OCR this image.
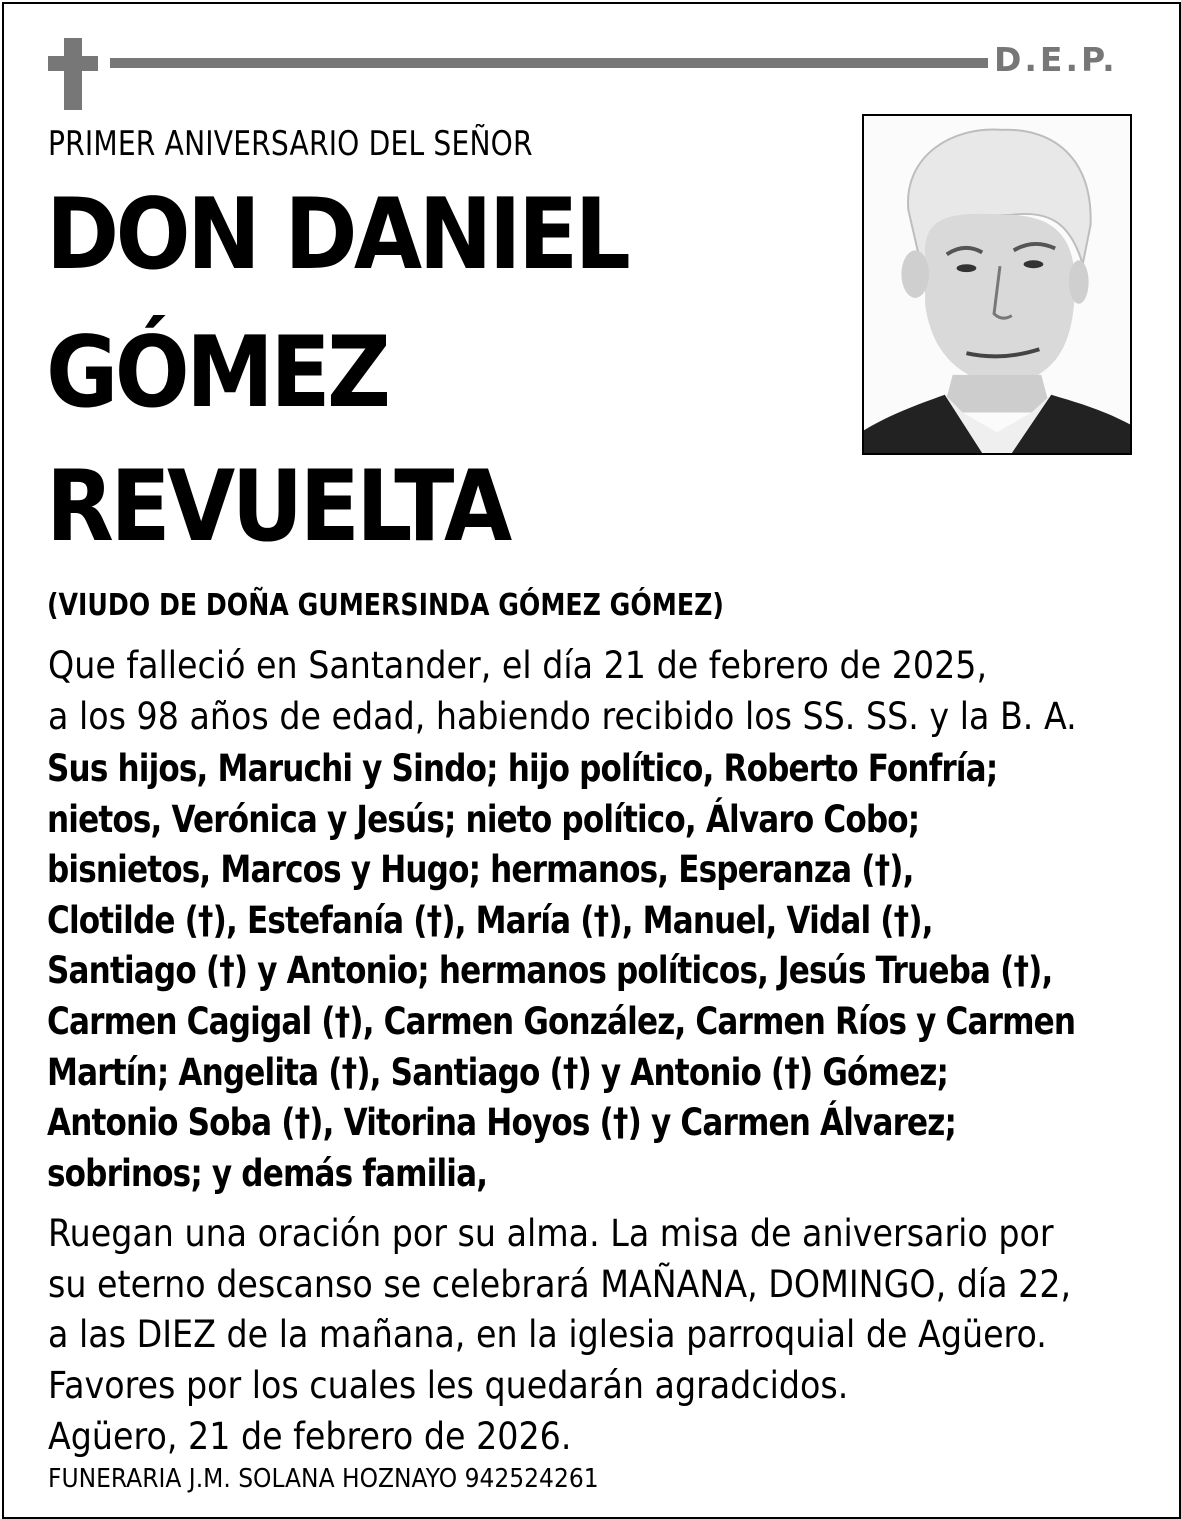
D.E.P.
PRIMER ANIVERSARIO DEL SEÑOR
DON DANIEL
GÓMEZ
REVUELTA
(VIUDO DE DOÑA GUMERSINDA GÓMEZ GÓMEZ)
Que falleció en Santander, el día 21 de febrero de 2025,
a los 98 años de edad, habiendo recibido los SS. SS. y la B. A.
Sus hijos, Maruchi y Sindo; hijo político, Roberto Fonfría;
nietos, Verónica y Jesús; nieto político, Álvaro Cobo;
bisnietos, Marcos y Hugo; hermanos, Esperanza (†),
Clotilde (†), Estefanía (†), María (†), Manuel, Vidal (†),
Santiago (†) y Antonio; hermanos políticos, Jesús Trueba (†),
Carmen Cagigal (†), Carmen González, Carmen Ríos y Carmen
Martín; Angelita (†), Santiago (†) y Antonio (†) Gómez;
Antonio Soba (†), Vitorina Hoyos (†) y Carmen Álvarez;
sobrinos; y demás familia,
Ruegan una oración por su alma. La misa de aniversario por
su eterno descanso se celebrará MAÑANA, DOMINGO, día 22,
a las DIEZ de la mañana, en la iglesia parroquial de Agüero.
Favores por los cuales les quedarán agradcidos.
Agüero, 21 de febrero de 2026.
FUNERARIA J.M. SOLANA HOZNAYO 942524261
